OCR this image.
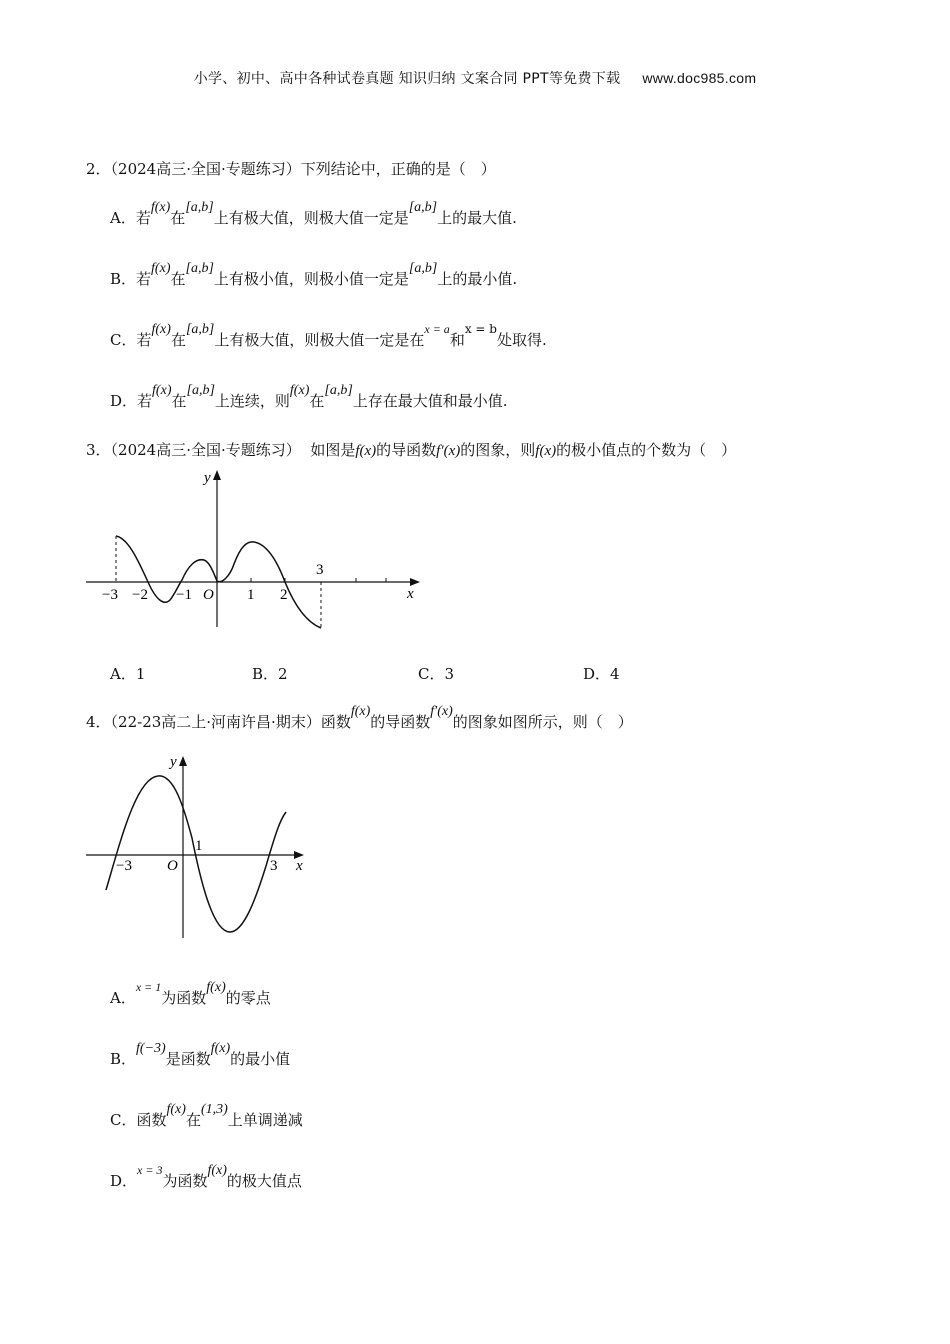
小学、初中、高中各种试卷真题 知识归纳 文案合同 PPT等免费下载 www.doc985.com
2．（2024高三·全国·专题练习）下列结论中，正确的是（　）
A．若f(x)在[a,b]上有极大值，则极大值一定是[a,b]上的最大值.
B．若f(x)在[a,b]上有极小值，则极小值一定是[a,b]上的最小值.
C．若f(x)在[a,b]上有极大值，则极大值一定是在$^{x = a}$和$^{x = b}$处取得.
D．若f(x)在[a,b]上连续，则f(x)在[a,b]上存在最大值和最小值.
3．（2024高三·全国·专题练习） 如图是f(x)的导函数f′(x)的图象，则f(x)的极小值点的个数为（　）
y
x
O
−3 −2 −1	1 2
3
A．1	B．2	C．3	D．4
4．（22-23高二上·河南许昌·期末）函数f(x)的导函数f′(x)的图象如图所示，则（　）
y
x
O
−3
1
3
A．$^{x = 1}$为函数f(x)的零点
B．f(−3)是函数f(x)的最小值
C．函数f(x)在(1,3)上单调递减
D．$^{x = 3}$为函数f(x)的极大值点
